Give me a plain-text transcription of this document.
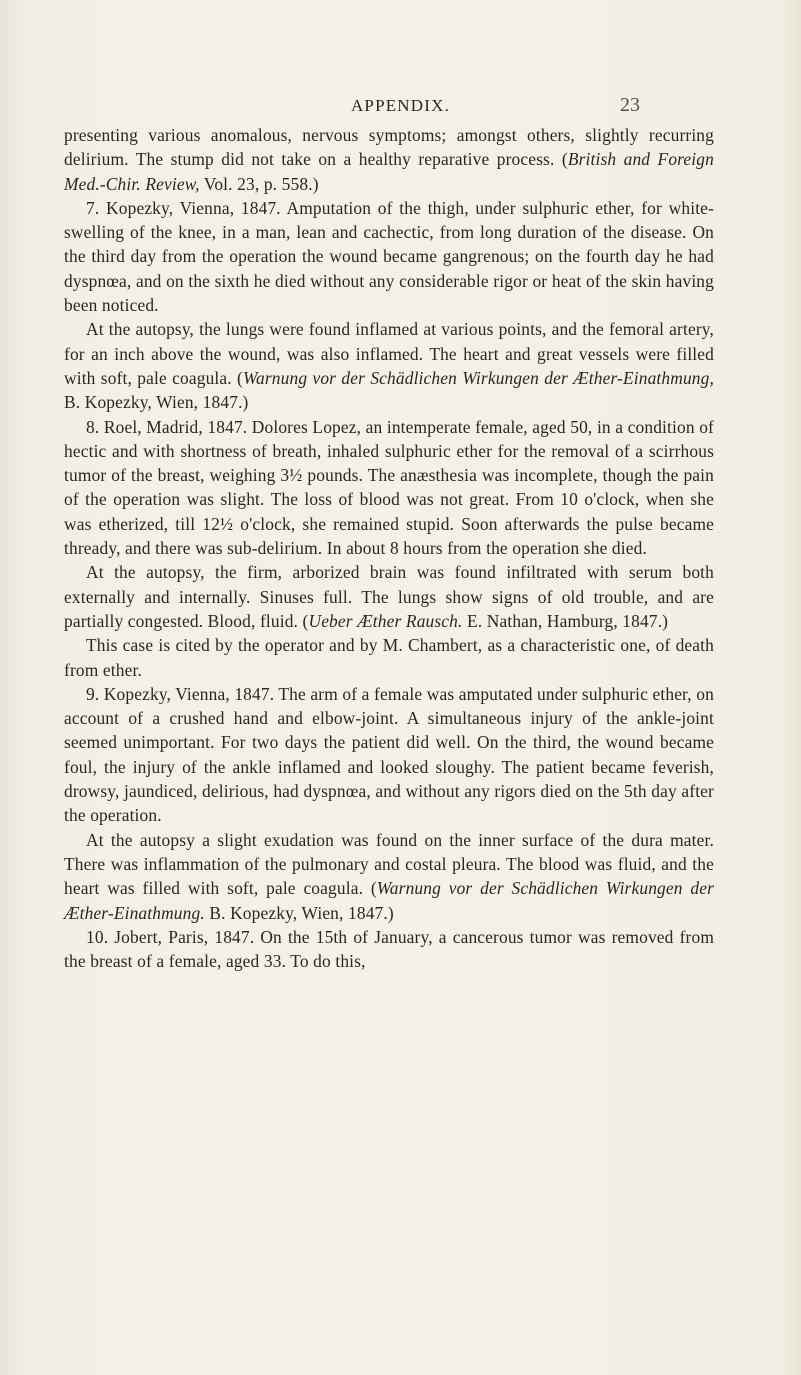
APPENDIX.	23

presenting various anomalous, nervous symptoms; amongst others, slightly recurring delirium. The stump did not take on a healthy reparative process. (British and Foreign Med.-Chir. Review, Vol. 23, p. 558.)

7. Kopezky, Vienna, 1847. Amputation of the thigh, under sulphuric ether, for white-swelling of the knee, in a man, lean and cachectic, from long duration of the disease. On the third day from the operation the wound became gangrenous; on the fourth day he had dyspnœa, and on the sixth he died without any considerable rigor or heat of the skin having been noticed.

At the autopsy, the lungs were found inflamed at various points, and the femoral artery, for an inch above the wound, was also inflamed. The heart and great vessels were filled with soft, pale coagula. (Warnung vor der Schädlichen Wirkungen der Æther-Einathmung, B. Kopezky, Wien, 1847.)

8. Roel, Madrid, 1847. Dolores Lopez, an intemperate female, aged 50, in a condition of hectic and with shortness of breath, inhaled sulphuric ether for the removal of a scirrhous tumor of the breast, weighing 3½ pounds. The anæsthesia was incomplete, though the pain of the operation was slight. The loss of blood was not great. From 10 o'clock, when she was etherized, till 12½ o'clock, she remained stupid. Soon afterwards the pulse became thready, and there was sub-delirium. In about 8 hours from the operation she died.

At the autopsy, the firm, arborized brain was found infiltrated with serum both externally and internally. Sinuses full. The lungs show signs of old trouble, and are partially congested. Blood, fluid. (Ueber Æther Rausch. E. Nathan, Hamburg, 1847.)

This case is cited by the operator and by M. Chambert, as a characteristic one, of death from ether.

9. Kopezky, Vienna, 1847. The arm of a female was amputated under sulphuric ether, on account of a crushed hand and elbow-joint. A simultaneous injury of the ankle-joint seemed unimportant. For two days the patient did well. On the third, the wound became foul, the injury of the ankle inflamed and looked sloughy. The patient became feverish, drowsy, jaundiced, delirious, had dyspnœa, and without any rigors died on the 5th day after the operation.

At the autopsy a slight exudation was found on the inner surface of the dura mater. There was inflammation of the pulmonary and costal pleura. The blood was fluid, and the heart was filled with soft, pale coagula. (Warnung vor der Schädlichen Wirkungen der Æther-Einathmung. B. Kopezky, Wien, 1847.)

10. Jobert, Paris, 1847. On the 15th of January, a cancerous tumor was removed from the breast of a female, aged 33. To do this,
